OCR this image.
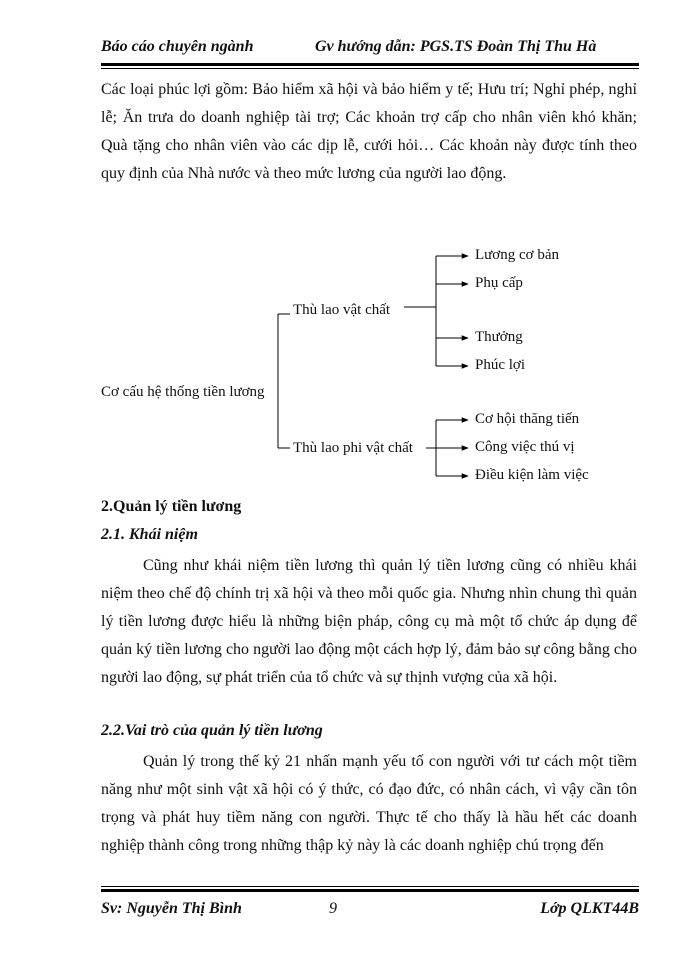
Báo cáo chuyên ngành	Gv hướng dẫn: PGS.TS Đoàn Thị Thu Hà

Các loại phúc lợi gồm: Bảo hiểm xã hội và bảo hiểm y tế; Hưu trí; Nghỉ phép, nghỉ lễ; Ăn trưa do doanh nghiệp tài trợ; Các khoản trợ cấp cho nhân viên khó khăn; Quà tặng cho nhân viên vào các dịp lễ, cưới hỏi… Các khoản này được tính theo quy định của Nhà nước và theo mức lương của người lao động.

Cơ cấu hệ thống tiền lương
Thù lao vật chất
Thù lao phi vật chất
Lương cơ bản
Phụ cấp
Thưởng
Phúc lợi
Cơ hội thăng tiến
Công việc thú vị
Điều kiện làm việc

2.Quản lý tiền lương

2.1. Khái niệm

Cũng như khái niệm tiền lương thì quản lý tiền lương cũng có nhiều khái niệm theo chế độ chính trị xã hội và theo mỗi quốc gia. Nhưng nhìn chung thì quản lý tiền lương được hiểu là những biện pháp, công cụ mà một tổ chức áp dụng để quản ký tiền lương cho người lao động một cách hợp lý, đảm bảo sự công bằng cho người lao động, sự phát triển của tổ chức và sự thịnh vượng của xã hội.

2.2.Vai trò của quản lý tiền lương

Quản lý trong thế kỷ 21 nhấn mạnh yếu tố con người với tư cách một tiềm năng như một sinh vật xã hội có ý thức, có đạo đức, có nhân cách, vì vậy cần tôn trọng và phát huy tiềm năng con người. Thực tế cho thấy là hầu hết các doanh nghiệp thành công trong những thập kỷ này là các doanh nghiệp chú trọng đến

Sv: Nguyễn Thị Bình	9	Lớp QLKT44B
